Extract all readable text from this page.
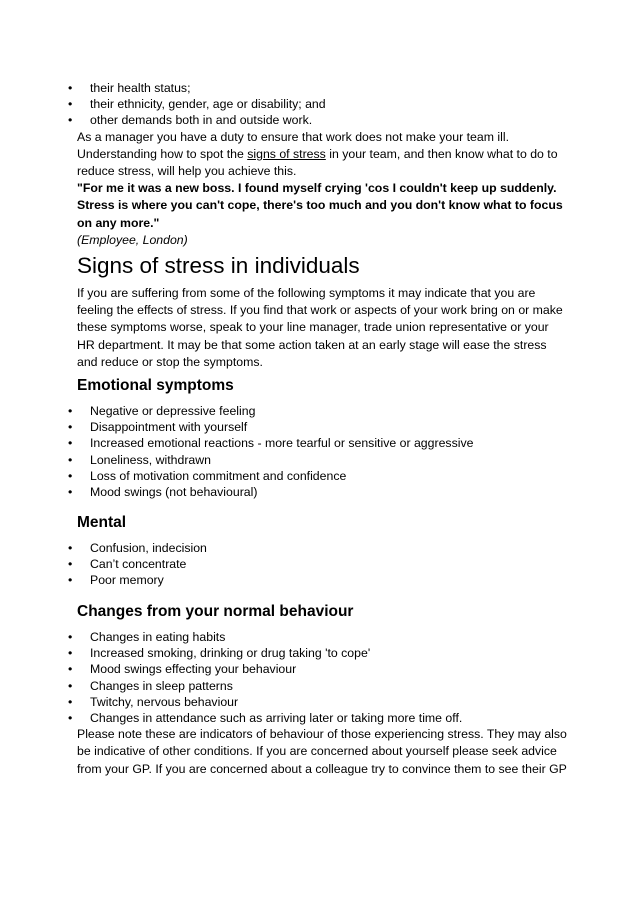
• their health status;
• their ethnicity, gender, age or disability; and
• other demands both in and outside work.

As a manager you have a duty to ensure that work does not make your team ill. Understanding how to spot the signs of stress in your team, and then know what to do to reduce stress, will help you achieve this.

"For me it was a new boss. I found myself crying 'cos I couldn't keep up suddenly. Stress is where you can't cope, there's too much and you don't know what to focus on any more."

(Employee, London)

Signs of stress in individuals

If you are suffering from some of the following symptoms it may indicate that you are feeling the effects of stress. If you find that work or aspects of your work bring on or make these symptoms worse, speak to your line manager, trade union representative or your HR department. It may be that some action taken at an early stage will ease the stress and reduce or stop the symptoms.

Emotional symptoms
• Negative or depressive feeling
• Disappointment with yourself
• Increased emotional reactions - more tearful or sensitive or aggressive
• Loneliness, withdrawn
• Loss of motivation commitment and confidence
• Mood swings (not behavioural)
Mental
• Confusion, indecision
• Can’t concentrate
• Poor memory
Changes from your normal behaviour
• Changes in eating habits
• Increased smoking, drinking or drug taking 'to cope'
• Mood swings effecting your behaviour
• Changes in sleep patterns
• Twitchy, nervous behaviour
• Changes in attendance such as arriving later or taking more time off.

Please note these are indicators of behaviour of those experiencing stress. They may also be indicative of other conditions. If you are concerned about yourself please seek advice from your GP. If you are concerned about a colleague try to convince them to see their GP
